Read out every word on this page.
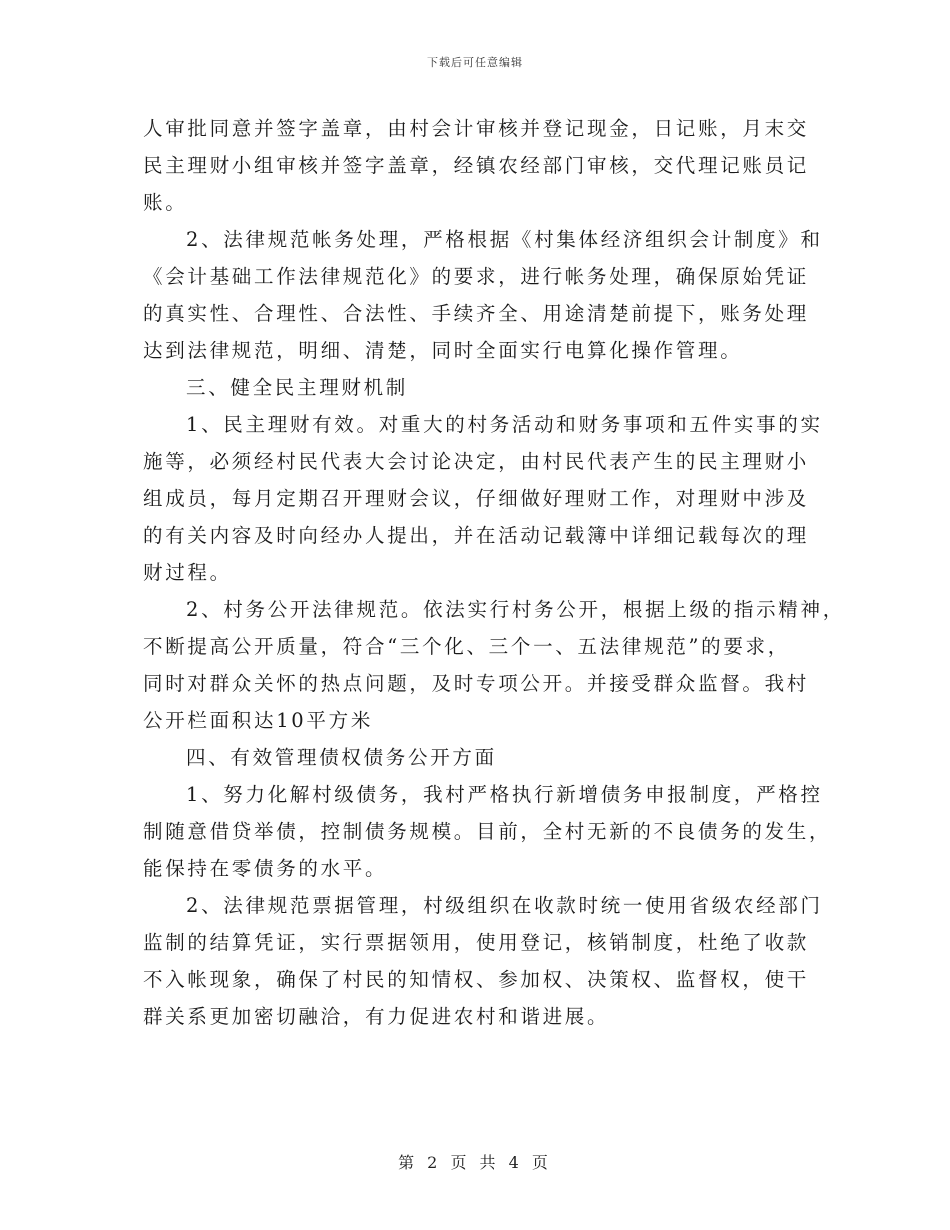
下载后可任意编辑
人审批同意并签字盖章，由村会计审核并登记现金，日记账，月末交
民主理财小组审核并签字盖章，经镇农经部门审核，交代理记账员记
账。
2、法律规范帐务处理，严格根据《村集体经济组织会计制度》和
《会计基础工作法律规范化》的要求，进行帐务处理，确保原始凭证
的真实性、合理性、合法性、手续齐全、用途清楚前提下，账务处理
达到法律规范，明细、清楚，同时全面实行电算化操作管理。
三、健全民主理财机制
1、民主理财有效。对重大的村务活动和财务事项和五件实事的实
施等，必须经村民代表大会讨论决定，由村民代表产生的民主理财小
组成员，每月定期召开理财会议，仔细做好理财工作，对理财中涉及
的有关内容及时向经办人提出，并在活动记载簿中详细记载每次的理
财过程。
2、村务公开法律规范。依法实行村务公开，根据上级的指示精神，
不断提高公开质量，符合“三个化、三个一、五法律规范”的要求，
同时对群众关怀的热点问题，及时专项公开。并接受群众监督。我村
公开栏面积达10平方米
四、有效管理债权债务公开方面
1、努力化解村级债务，我村严格执行新增债务申报制度，严格控
制随意借贷举债，控制债务规模。目前，全村无新的不良债务的发生，
能保持在零债务的水平。
2、法律规范票据管理，村级组织在收款时统一使用省级农经部门
监制的结算凭证，实行票据领用，使用登记，核销制度，杜绝了收款
不入帐现象，确保了村民的知情权、参加权、决策权、监督权，使干
群关系更加密切融洽，有力促进农村和谐进展。
第 2 页 共 4 页
